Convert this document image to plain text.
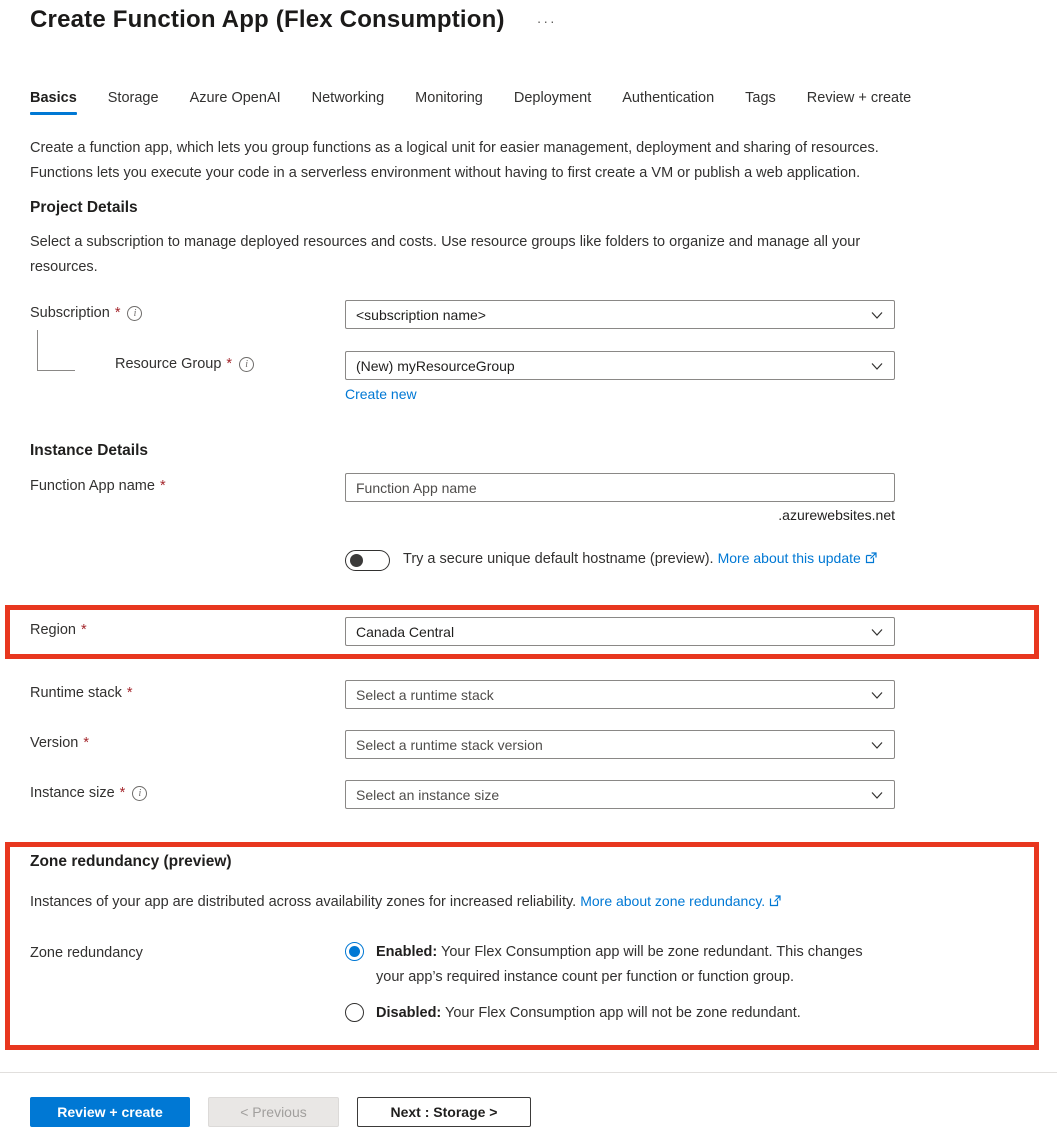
Create Function App (Flex Consumption) ···
Basics Storage Azure OpenAI Networking Monitoring Deployment Authentication Tags Review + create

Create a function app, which lets you group functions as a logical unit for easier management, deployment and sharing of resources. Functions lets you execute your code in a serverless environment without having to first create a VM or publish a web application.

Project Details

Select a subscription to manage deployed resources and costs. Use resource groups like folders to organize and manage all your resources.

Subscription *	i	<subscription name>
Resource Group *	i	(New) myResourceGroup
Create new
Instance Details
Function App name *
Function App name
.azurewebsites.net
Try a secure unique default hostname (preview). More about this update
Region *	Canada Central
Runtime stack *	Select a runtime stack
Version *	Select a runtime stack version
Instance size *	i	Select an instance size
Zone redundancy (preview)

Instances of your app are distributed across availability zones for increased reliability. More about zone redundancy.

Zone redundancy	Enabled: Your Flex Consumption app will be zone redundant. This changes your app’s required instance count per function or function group.
Disabled: Your Flex Consumption app will not be zone redundant.
Review + create	< Previous	Next : Storage >
